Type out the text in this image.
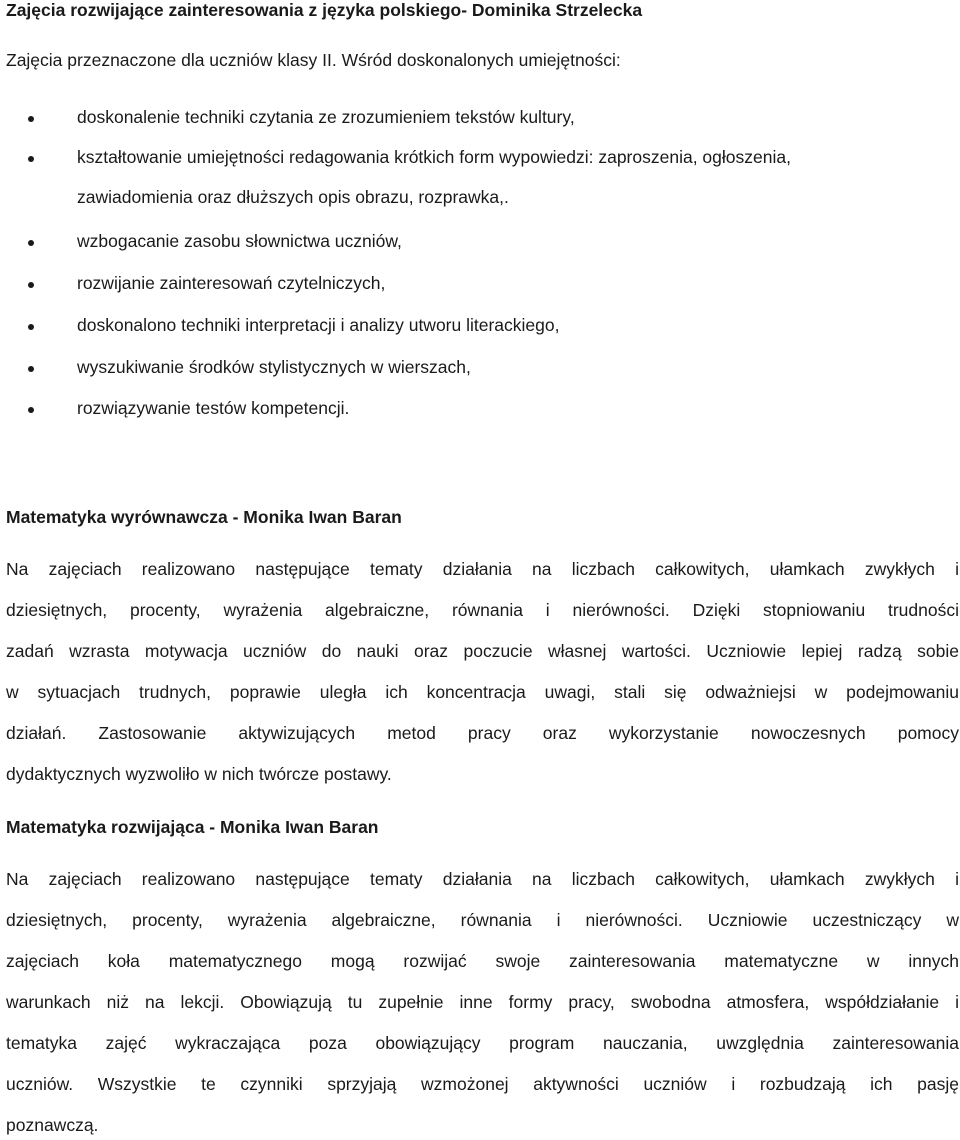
Zajęcia rozwijające zainteresowania z języka polskiego- Dominika Strzelecka

Zajęcia przeznaczone dla uczniów klasy II. Wśród doskonalonych umiejętności:

doskonalenie techniki czytania ze zrozumieniem tekstów kultury,

kształtowanie umiejętności redagowania krótkich form wypowiedzi: zaproszenia, ogłoszenia,

zawiadomienia oraz dłuższych opis obrazu, rozprawka,.

wzbogacanie zasobu słownictwa uczniów,

rozwijanie zainteresowań czytelniczych,

doskonalono techniki interpretacji i analizy utworu literackiego,

wyszukiwanie środków stylistycznych w wierszach,

rozwiązywanie testów kompetencji.

Matematyka wyrównawcza - Monika Iwan Baran

Na zajęciach realizowano następujące tematy działania na liczbach całkowitych, ułamkach zwykłych i

dziesiętnych, procenty, wyrażenia algebraiczne, równania i nierówności. Dzięki stopniowaniu trudności

zadań wzrasta motywacja uczniów do nauki oraz poczucie własnej wartości. Uczniowie lepiej radzą sobie

w sytuacjach trudnych, poprawie uległa ich koncentracja uwagi, stali się odważniejsi w podejmowaniu

działań. Zastosowanie aktywizujących metod pracy oraz wykorzystanie nowoczesnych pomocy

dydaktycznych wyzwoliło w nich twórcze postawy.

Matematyka rozwijająca - Monika Iwan Baran

Na zajęciach realizowano następujące tematy działania na liczbach całkowitych, ułamkach zwykłych i

dziesiętnych, procenty, wyrażenia algebraiczne, równania i nierówności. Uczniowie uczestniczący w

zajęciach koła matematycznego mogą rozwijać swoje zainteresowania matematyczne w innych

warunkach niż na lekcji. Obowiązują tu zupełnie inne formy pracy, swobodna atmosfera, współdziałanie i

tematyka zajęć wykraczająca poza obowiązujący program nauczania, uwzględnia zainteresowania

uczniów. Wszystkie te czynniki sprzyjają wzmożonej aktywności uczniów i rozbudzają ich pasję

poznawczą.
